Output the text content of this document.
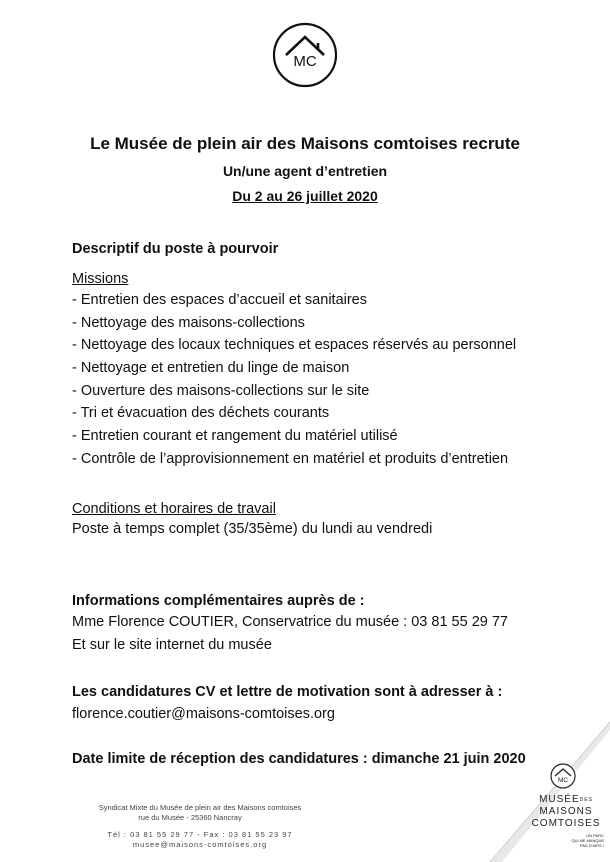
MC
Le Musée de plein air des Maisons comtoises recrute
Un/une agent d’entretien
Du 2 au 26 juillet 2020
Descriptif du poste à pourvoir
Missions
- Entretien des espaces d’accueil et sanitaires
- Nettoyage des maisons-collections
- Nettoyage des locaux techniques et espaces réservés au personnel
- Nettoyage et entretien du linge de maison
- Ouverture des maisons-collections sur le site
- Tri et évacuation des déchets courants
- Entretien courant et rangement du matériel utilisé
- Contrôle de l’approvisionnement en matériel et produits d’entretien
Conditions et horaires de travail
Poste à temps complet (35/35ème) du lundi au vendredi
Informations complémentaires auprès de :
Mme Florence COUTIER, Conservatrice du musée : 03 81 55 29 77
Et sur le site internet du musée
Les candidatures CV et lettre de motivation sont à adresser à :
florence.coutier@maisons-comtoises.org
Date limite de réception des candidatures : dimanche 21 juin 2020
Syndicat Mixte du Musée de plein air des Maisons comtoises
rue du Musée - 25360 Nancray
Tél : 03 81 55 29 77 - Fax : 03 81 55 23 97
musee@maisons-comtoises.org
MC
$MUSÉE^{DES}$
MAISONS
COMTOISES
UN PARC
QUI NE MANQUE
PAS D'AIRS !
